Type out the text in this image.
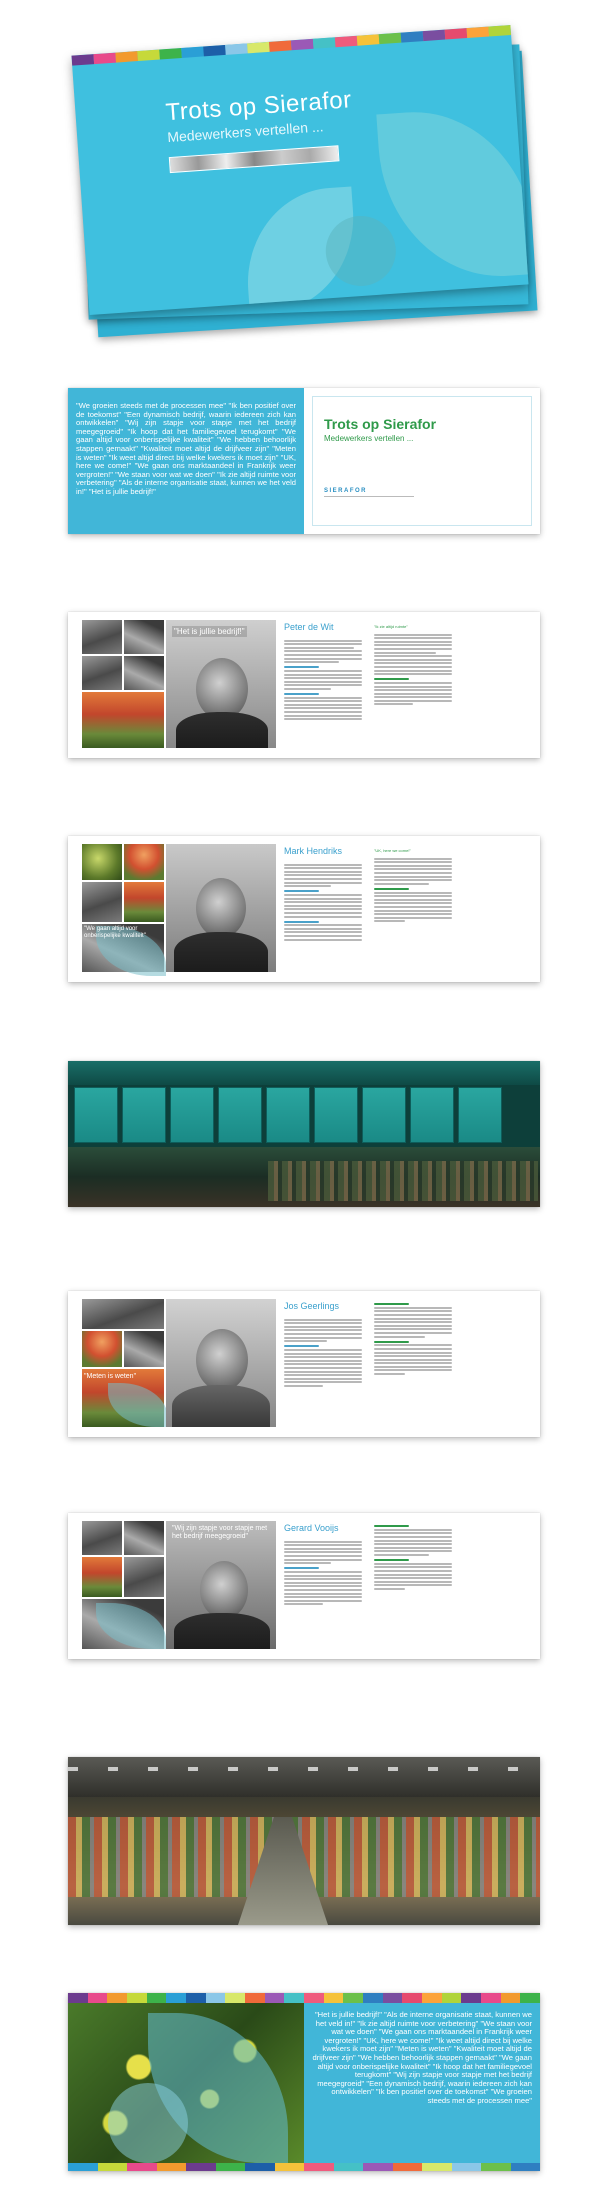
Trots op Sierafor
Medewerkers vertellen ...
"We groeien steeds met de processen mee" "Ik ben positief over de toekomst" "Een dynamisch bedrijf, waarin iedereen zich kan ontwikkelen" "Wij zijn stapje voor stapje met het bedrijf meegegroeid" "Ik hoop dat het familiegevoel terugkomt" "We gaan altijd voor onberispelijke kwaliteit" "We hebben behoorlijk stappen gemaakt" "Kwaliteit moet altijd de drijfveer zijn" "Meten is weten" "Ik weet altijd direct bij welke kwekers ik moet zijn" "UK, here we come!" "We gaan ons marktaandeel in Frankrijk weer vergroten!" "We staan voor wat we doen" "Ik zie altijd ruimte voor verbetering" "Als de interne organisatie staat, kunnen we het veld in!" "Het is jullie bedrijf!"
Trots op Sierafor
Medewerkers vertellen ...
SIERAFOR
"Het is jullie bedrijf!"	Peter de Wit	"Ik zie altijd ruimte"
"We gaan altijd voor onberispelijke kwaliteit"
Mark Hendriks	"UK, here we come!"
"Meten is weten"
Jos Geerlings
"Wij zijn stapje voor stapje met het bedrijf meegegroeid"
Gerard Vooijs
"Het is jullie bedrijf!" "Als de interne organisatie staat, kunnen we het veld in!" "Ik zie altijd ruimte voor verbetering" "We staan voor wat we doen" "We gaan ons marktaandeel in Frankrijk weer vergroten!" "UK, here we come!" "Ik weet altijd direct bij welke kwekers ik moet zijn" "Meten is weten" "Kwaliteit moet altijd de drijfveer zijn" "We hebben behoorlijk stappen gemaakt" "We gaan altijd voor onberispelijke kwaliteit" "Ik hoop dat het familiegevoel terugkomt" "Wij zijn stapje voor stapje met het bedrijf meegegroeid" "Een dynamisch bedrijf, waarin iedereen zich kan ontwikkelen" "Ik ben positief over de toekomst" "We groeien steeds met de processen mee"
